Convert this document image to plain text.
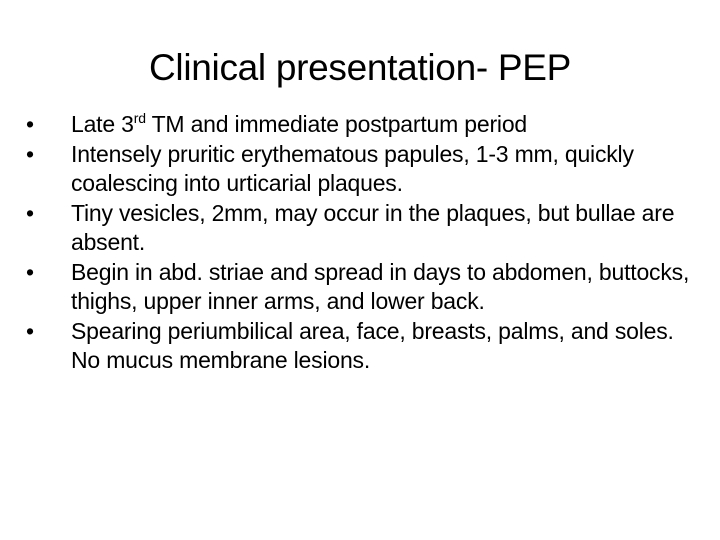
Clinical presentation- PEP
•	Late 3rd TM and immediate postpartum period
•	Intensely pruritic erythematous papules, 1-3 mm, quickly coalescing into urticarial plaques.
•	Tiny vesicles, 2mm, may occur in the plaques, but bullae are absent.
•	Begin in abd. striae and spread in days to abdomen, buttocks, thighs, upper inner arms, and lower back.
•	Spearing periumbilical area, face, breasts, palms, and soles. No mucus membrane lesions.
